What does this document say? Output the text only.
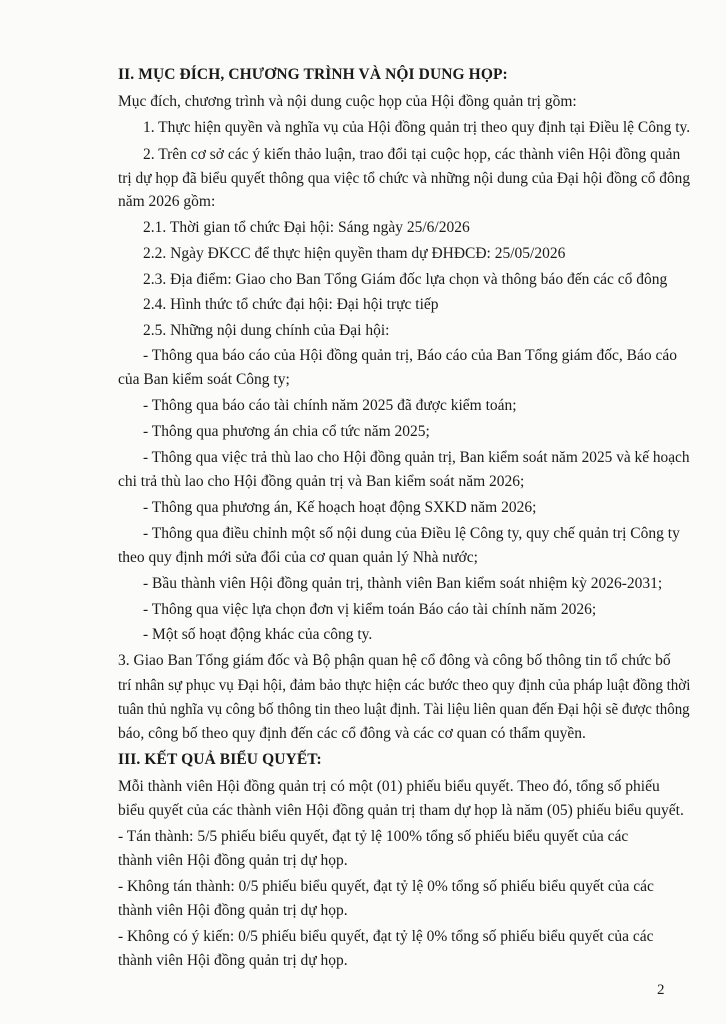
II. MỤC ĐÍCH, CHƯƠNG TRÌNH VÀ NỘI DUNG HỌP:
Mục đích, chương trình và nội dung cuộc họp của Hội đồng quản trị gồm:
1. Thực hiện quyền và nghĩa vụ của Hội đồng quản trị theo quy định tại Điều lệ Công ty.
2. Trên cơ sở các ý kiến thảo luận, trao đổi tại cuộc họp, các thành viên Hội đồng quản
trị dự họp đã biểu quyết thông qua việc tổ chức và những nội dung của Đại hội đồng cổ đông
năm 2026 gồm:
2.1. Thời gian tổ chức Đại hội: Sáng ngày 25/6/2026
2.2. Ngày ĐKCC để thực hiện quyền tham dự ĐHĐCĐ: 25/05/2026
2.3. Địa điểm: Giao cho Ban Tổng Giám đốc lựa chọn và thông báo đến các cổ đông
2.4. Hình thức tổ chức đại hội: Đại hội trực tiếp
2.5. Những nội dung chính của Đại hội:
- Thông qua báo cáo của Hội đồng quản trị, Báo cáo của Ban Tổng giám đốc, Báo cáo
của Ban kiểm soát Công ty;
- Thông qua báo cáo tài chính năm 2025 đã được kiểm toán;
- Thông qua phương án chia cổ tức năm 2025;
- Thông qua việc trả thù lao cho Hội đồng quản trị, Ban kiểm soát năm 2025 và kế hoạch
chi trả thù lao cho Hội đồng quản trị và Ban kiểm soát năm 2026;
- Thông qua phương án, Kế hoạch hoạt động SXKD năm 2026;
- Thông qua điều chỉnh một số nội dung của Điều lệ Công ty, quy chế quản trị Công ty
theo quy định mới sửa đổi của cơ quan quản lý Nhà nước;
- Bầu thành viên Hội đồng quản trị, thành viên Ban kiểm soát nhiệm kỳ 2026-2031;
- Thông qua việc lựa chọn đơn vị kiểm toán Báo cáo tài chính năm 2026;
- Một số hoạt động khác của công ty.
3. Giao Ban Tổng giám đốc và Bộ phận quan hệ cổ đông và công bố thông tin tổ chức bố
trí nhân sự phục vụ Đại hội, đảm bảo thực hiện các bước theo quy định của pháp luật đồng thời
tuân thủ nghĩa vụ công bố thông tin theo luật định. Tài liệu liên quan đến Đại hội sẽ được thông
báo, công bố theo quy định đến các cổ đông và các cơ quan có thẩm quyền.
III. KẾT QUẢ BIỂU QUYẾT:
Mỗi thành viên Hội đồng quản trị có một (01) phiếu biểu quyết. Theo đó, tổng số phiếu
biểu quyết của các thành viên Hội đồng quản trị tham dự họp là năm (05) phiếu biểu quyết.
- Tán thành: 5/5 phiếu biểu quyết, đạt tỷ lệ 100% tổng số phiếu biểu quyết của các
thành viên Hội đồng quản trị dự họp.
- Không tán thành: 0/5 phiếu biểu quyết, đạt tỷ lệ 0% tổng số phiếu biểu quyết của các
thành viên Hội đồng quản trị dự họp.
- Không có ý kiến: 0/5 phiếu biểu quyết, đạt tỷ lệ 0% tổng số phiếu biểu quyết của các
thành viên Hội đồng quản trị dự họp.
2
